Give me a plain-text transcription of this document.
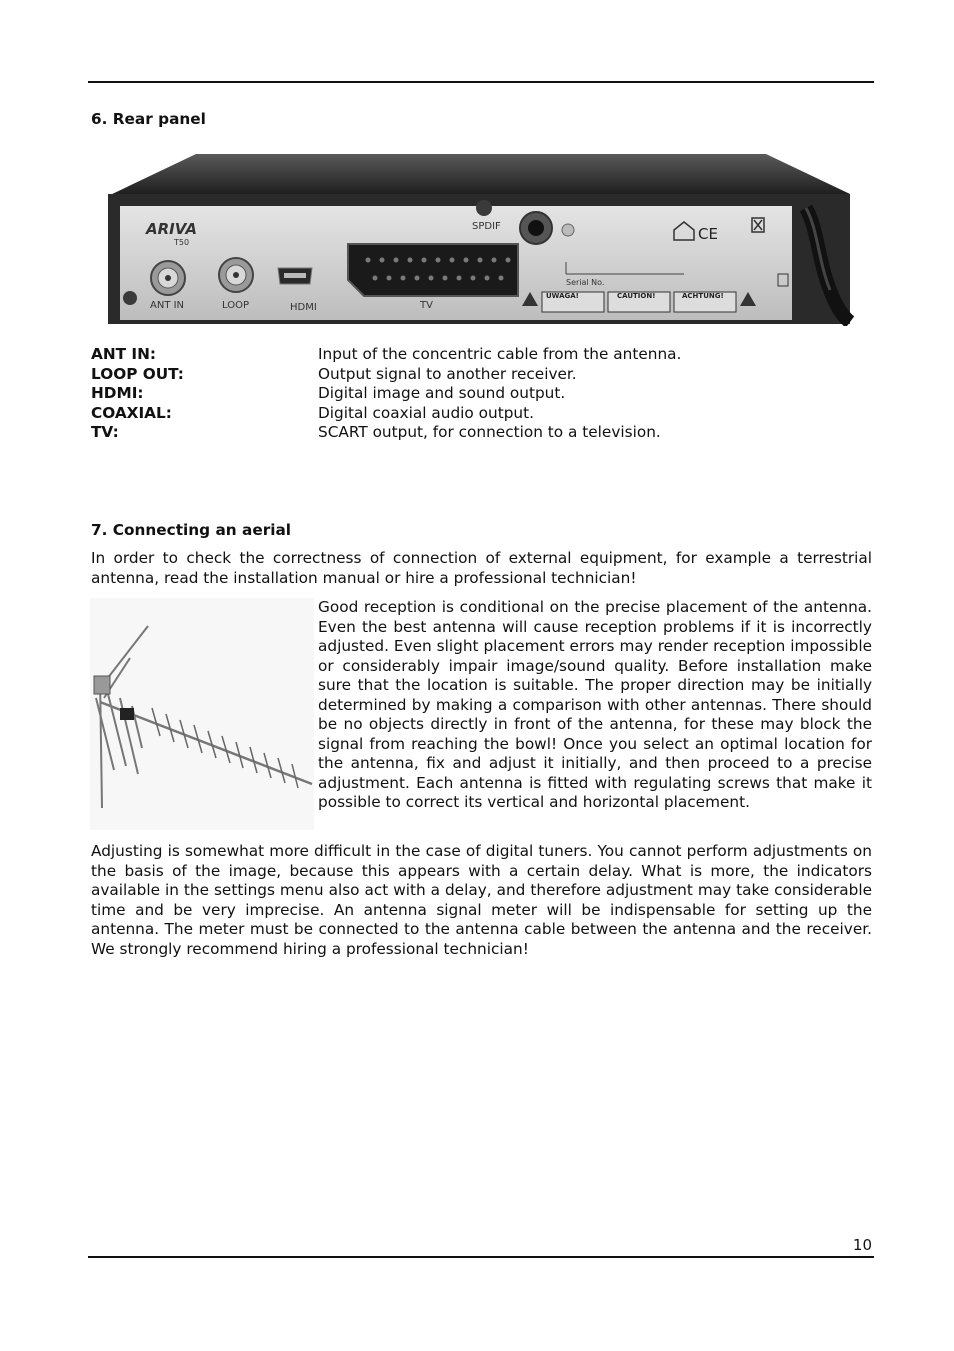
6. Rear panel
ARIVA
T50	CE
ANT IN	LOOP	HDMI	TV
SPDIF
Serial No.
UWAGA!	CAUTION!	ACHTUNG!
ANT IN:	Input of the concentric cable from the antenna.
LOOP OUT:	Output signal to another receiver.
HDMI:	Digital image and sound output.
COAXIAL:	Digital coaxial audio output.
TV:	SCART output, for connection to a television.
7. Connecting an aerial

In order to check the correctness of connection of external equipment, for example a terrestrial antenna, read the installation manual or hire a professional technician!

Good reception is conditional on the precise placement of the antenna. Even the best antenna will cause reception problems if it is incorrectly adjusted. Even slight placement errors may render reception impossible or considerably impair image/sound quality. Before installation make sure that the location is suitable. The proper direction may be initially determined by making a comparison with other antennas. There should be no objects directly in front of the antenna, for these may block the signal from reaching the bowl! Once you select an optimal location for the antenna, fix and adjust it initially, and then proceed to a precise adjustment. Each antenna is fitted with regulating screws that make it possible to correct its vertical and horizontal placement.

Adjusting is somewhat more difficult in the case of digital tuners. You cannot perform adjustments on the basis of the image, because this appears with a certain delay. What is more, the indicators available in the settings menu also act with a delay, and therefore adjustment may take considerable time and be very imprecise. An antenna signal meter will be indispensable for setting up the antenna. The meter must be connected to the antenna cable between the antenna and the receiver. We strongly recommend hiring a professional technician!

10
